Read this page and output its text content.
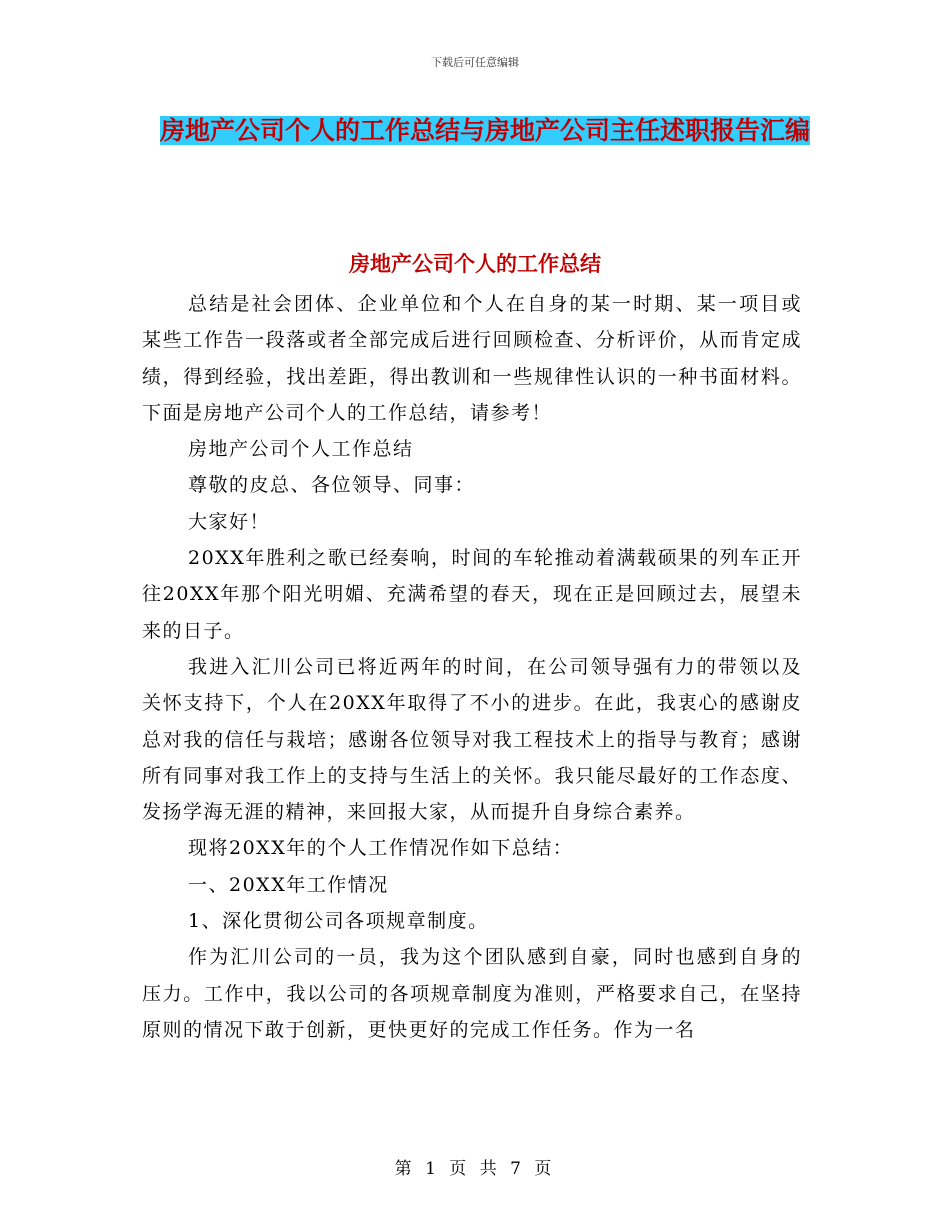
下载后可任意编辑
房地产公司个人的工作总结与房地产公司主任述职报告汇编
房地产公司个人的工作总结

总结是社会团体、企业单位和个人在自身的某一时期、某一项目或某些工作告一段落或者全部完成后进行回顾检查、分析评价，从而肯定成绩，得到经验，找出差距，得出教训和一些规律性认识的一种书面材料。下面是房地产公司个人的工作总结，请参考！

房地产公司个人工作总结

尊敬的皮总、各位领导、同事：

大家好！

20XX年胜利之歌已经奏响，时间的车轮推动着满载硕果的列车正开往20XX年那个阳光明媚、充满希望的春天，现在正是回顾过去，展望未来的日子。

我进入汇川公司已将近两年的时间，在公司领导强有力的带领以及关怀支持下，个人在20XX年取得了不小的进步。在此，我衷心的感谢皮总对我的信任与栽培；感谢各位领导对我工程技术上的指导与教育；感谢所有同事对我工作上的支持与生活上的关怀。我只能尽最好的工作态度、发扬学海无涯的精神，来回报大家，从而提升自身综合素养。

现将20XX年的个人工作情况作如下总结：

一、20XX年工作情况

1、深化贯彻公司各项规章制度。

作为汇川公司的一员，我为这个团队感到自豪，同时也感到自身的压力。工作中，我以公司的各项规章制度为准则，严格要求自己，在坚持原则的情况下敢于创新，更快更好的完成工作任务。作为一名

第 1 页 共 7 页
